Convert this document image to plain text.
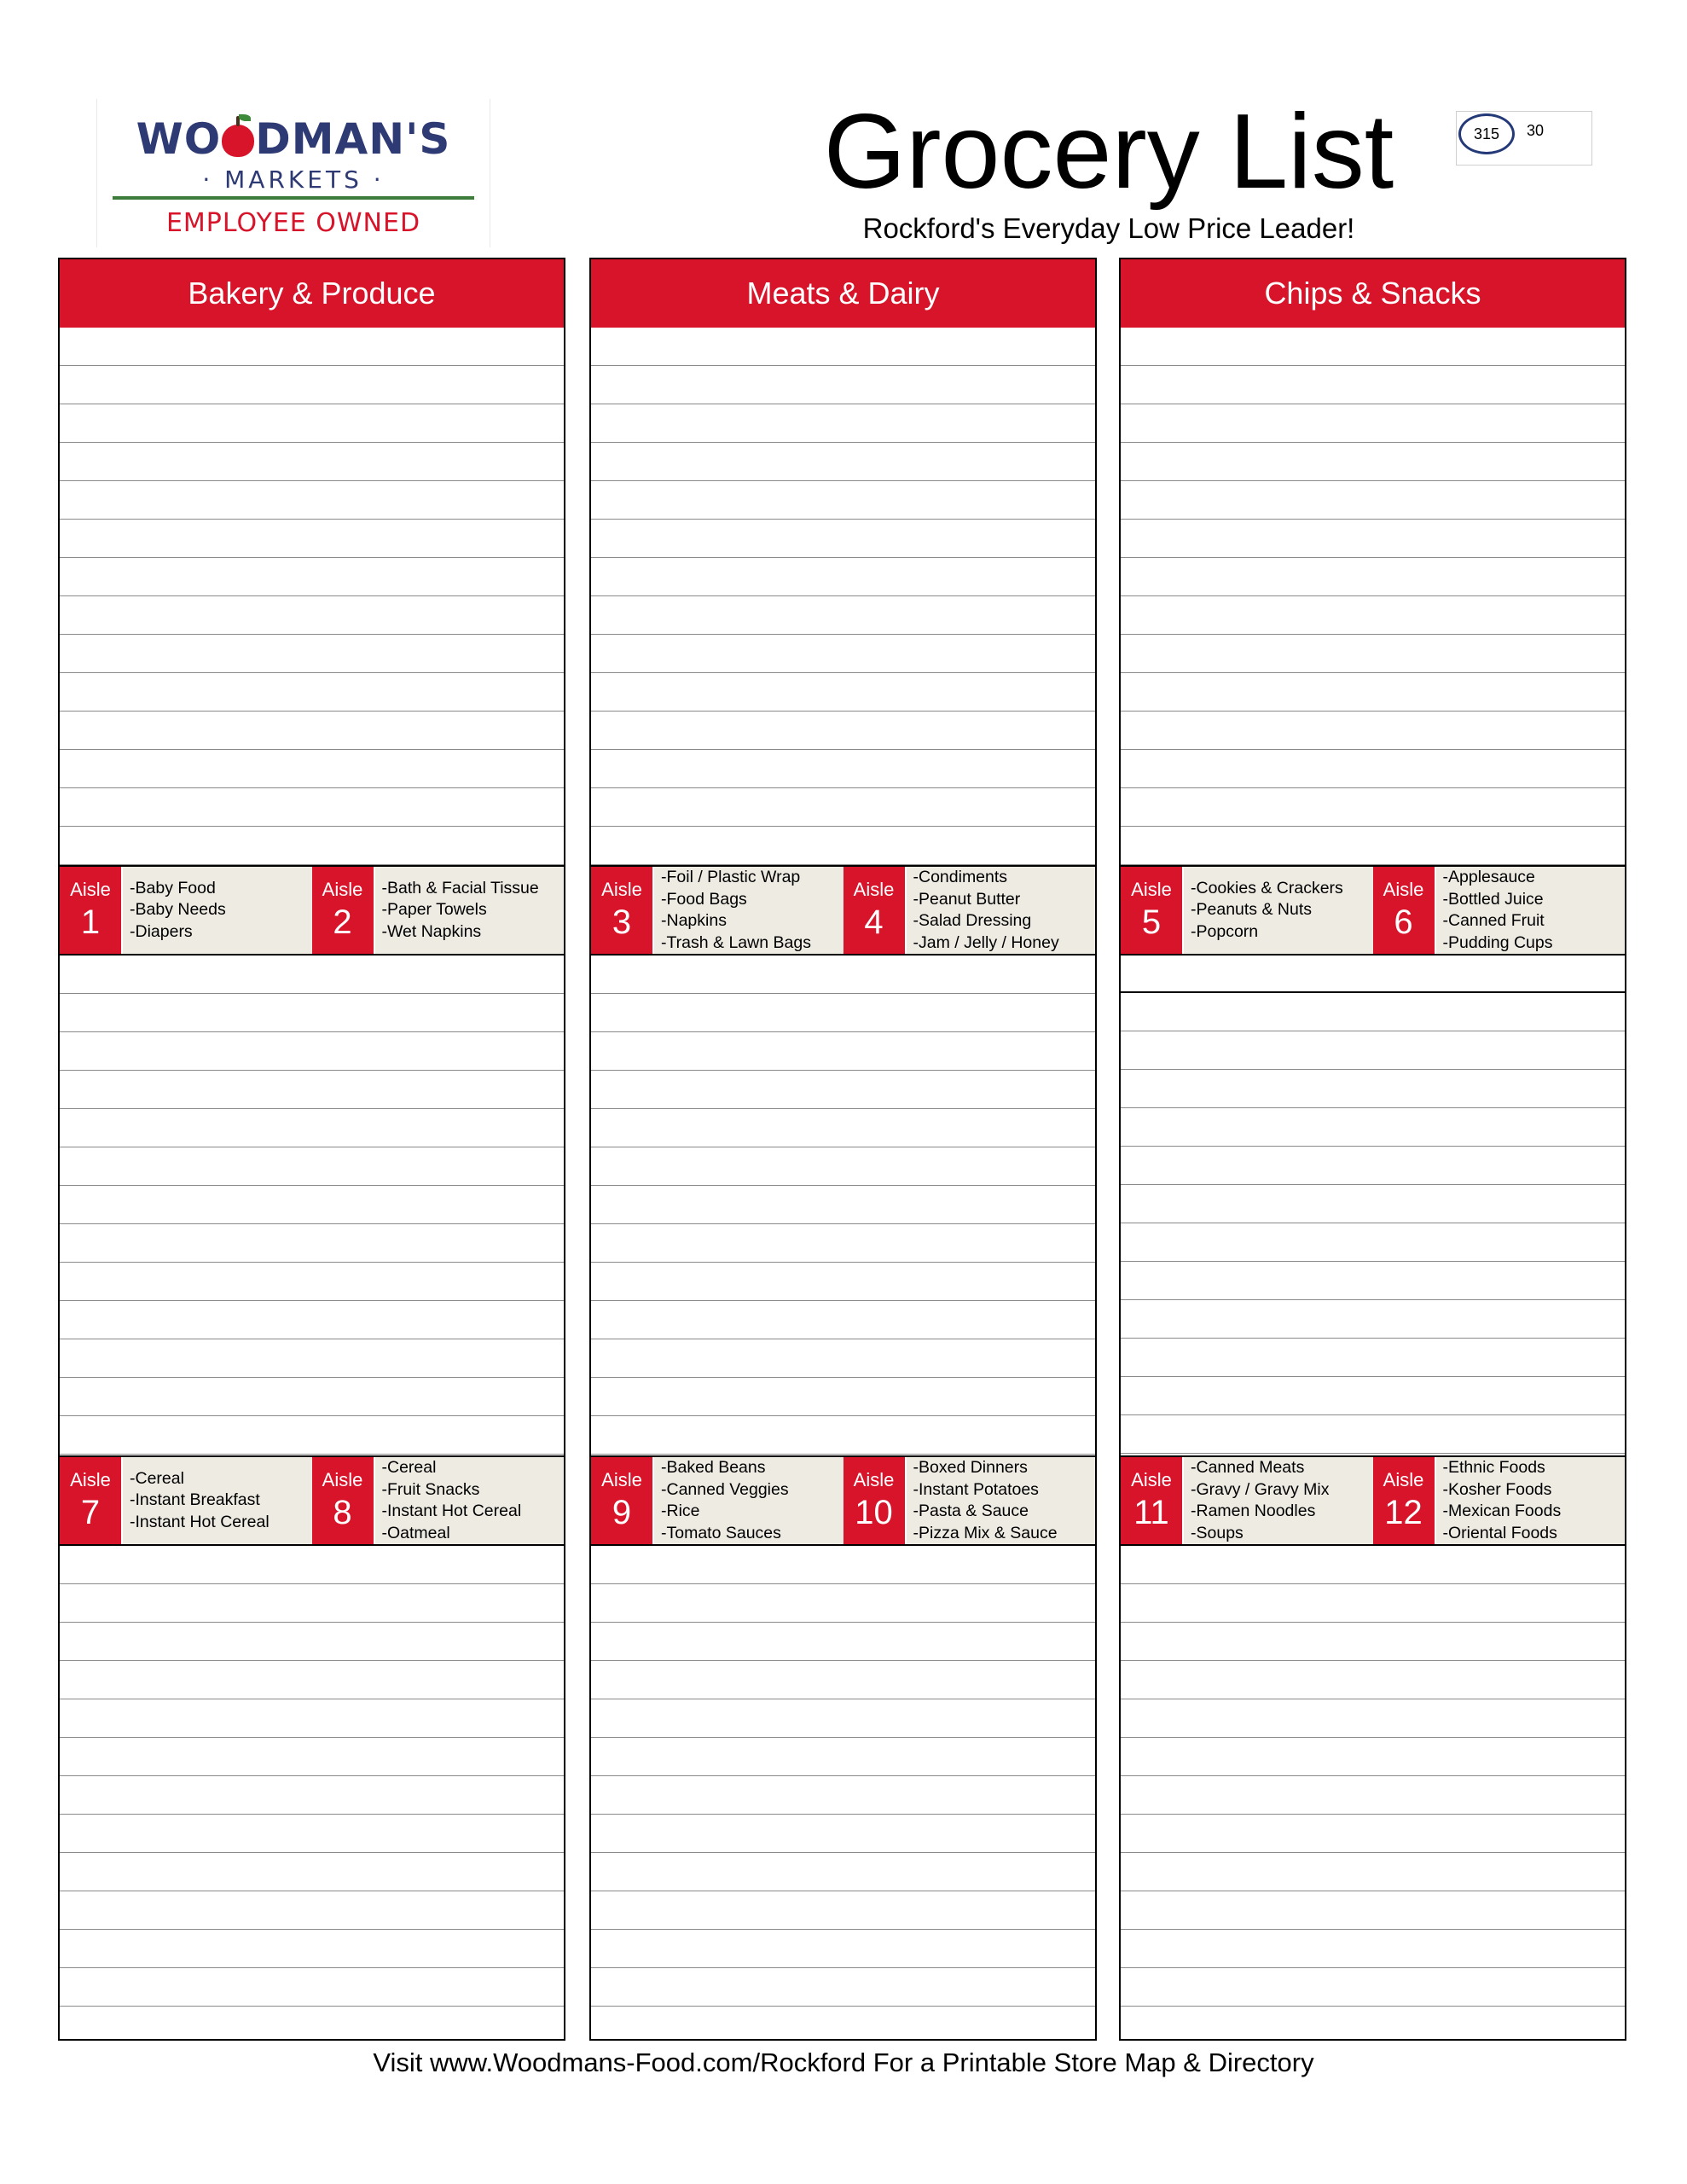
WO DMAN'S
· MARKETS ·
EMPLOYEE OWNED
Grocery List
Rockford's Everyday Low Price Leader!
315	30
Bakery & Produce
Aisle
1
-Baby Food
-Baby Needs
-Diapers
Aisle
2
-Bath & Facial Tissue
-Paper Towels
-Wet Napkins
Aisle
7
-Cereal
-Instant Breakfast
-Instant Hot Cereal
Aisle
8
-Cereal
-Fruit Snacks
-Instant Hot Cereal
-Oatmeal
Meats & Dairy
Aisle
3
-Foil / Plastic Wrap
-Food Bags
-Napkins
-Trash & Lawn Bags
Aisle
4
-Condiments
-Peanut Butter
-Salad Dressing
-Jam / Jelly / Honey
Aisle
9
-Baked Beans
-Canned Veggies
-Rice
-Tomato Sauces
Aisle
10
-Boxed Dinners
-Instant Potatoes
-Pasta & Sauce
-Pizza Mix & Sauce
Chips & Snacks
Aisle
5
-Cookies & Crackers
-Peanuts & Nuts
-Popcorn
Aisle
6
-Applesauce
-Bottled Juice
-Canned Fruit
-Pudding Cups
Aisle
11
-Canned Meats
-Gravy / Gravy Mix
-Ramen Noodles
-Soups
Aisle
12
-Ethnic Foods
-Kosher Foods
-Mexican Foods
-Oriental Foods
Visit www.Woodmans-Food.com/Rockford For a Printable Store Map & Directory
